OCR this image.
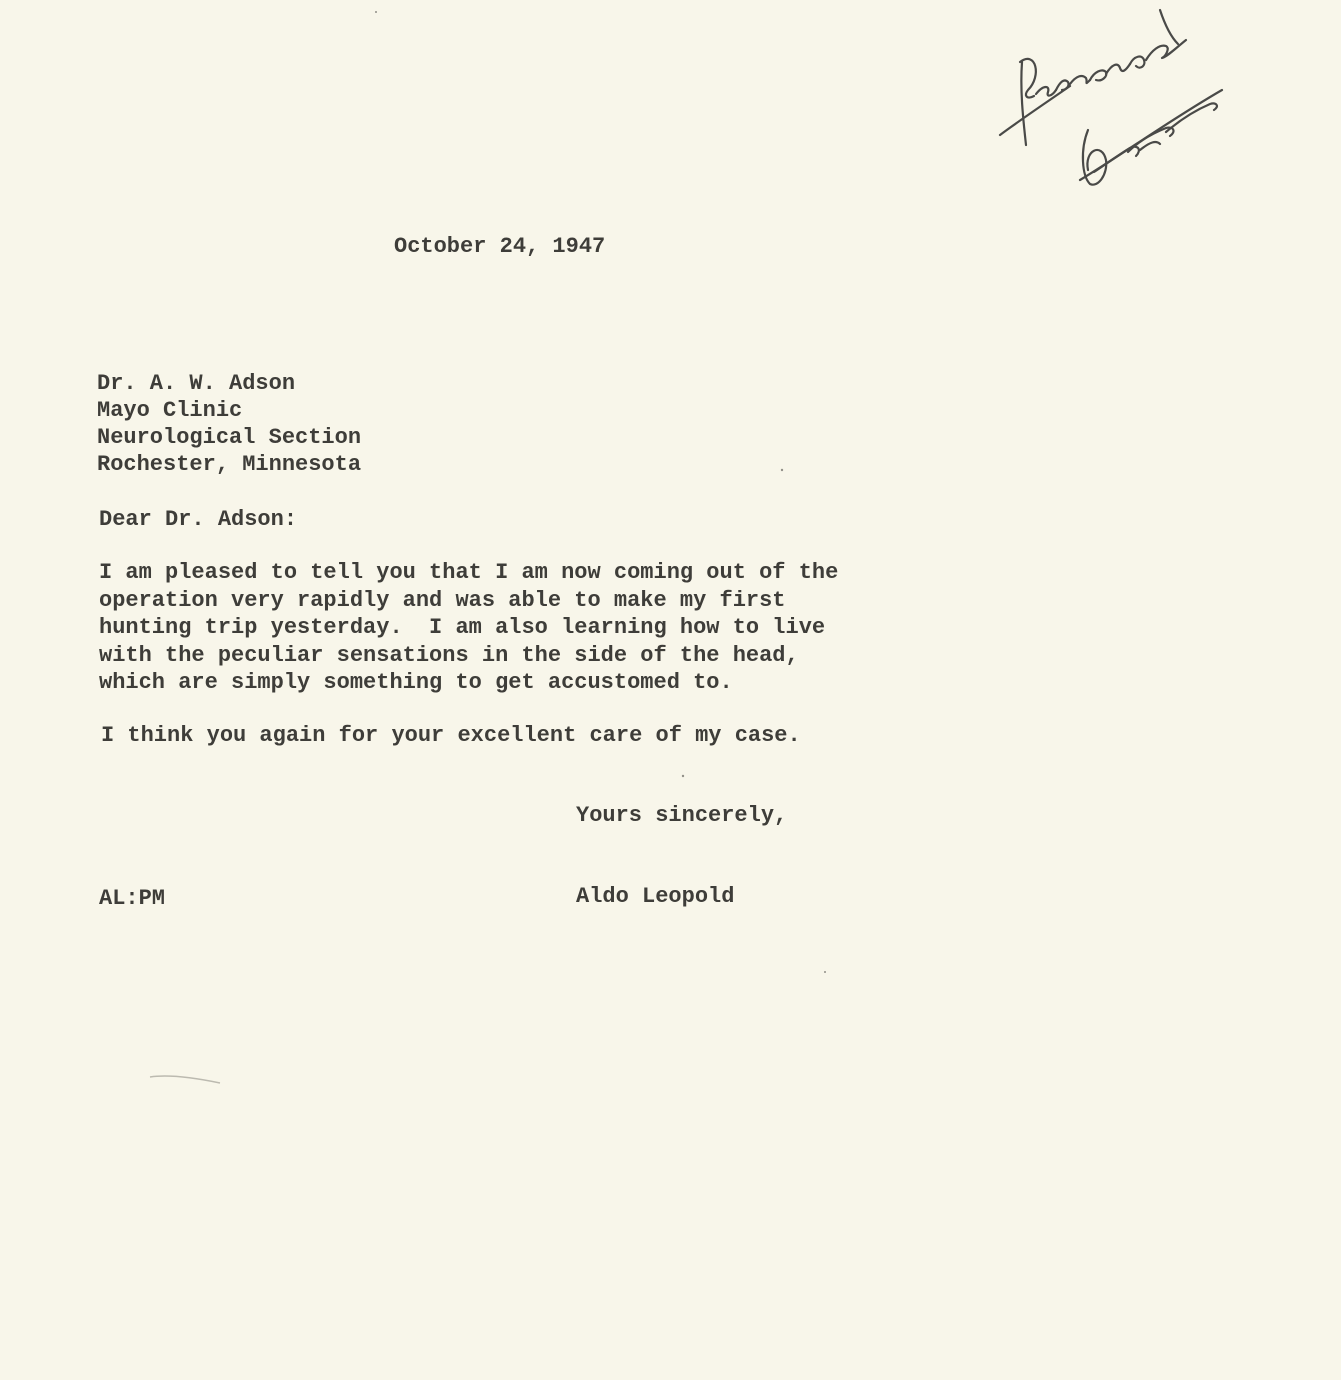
October 24, 1947

Dr. A. W. Adson

Mayo Clinic

Neurological Section

Rochester, Minnesota

Dear Dr. Adson:

I am pleased to tell you that I am now coming out of the

operation very rapidly and was able to make my first

hunting trip yesterday.  I am also learning how to live

with the peculiar sensations in the side of the head,

which are simply something to get accustomed to.

I think you again for your excellent care of my case.

Yours sincerely,

Aldo Leopold

AL:PM
